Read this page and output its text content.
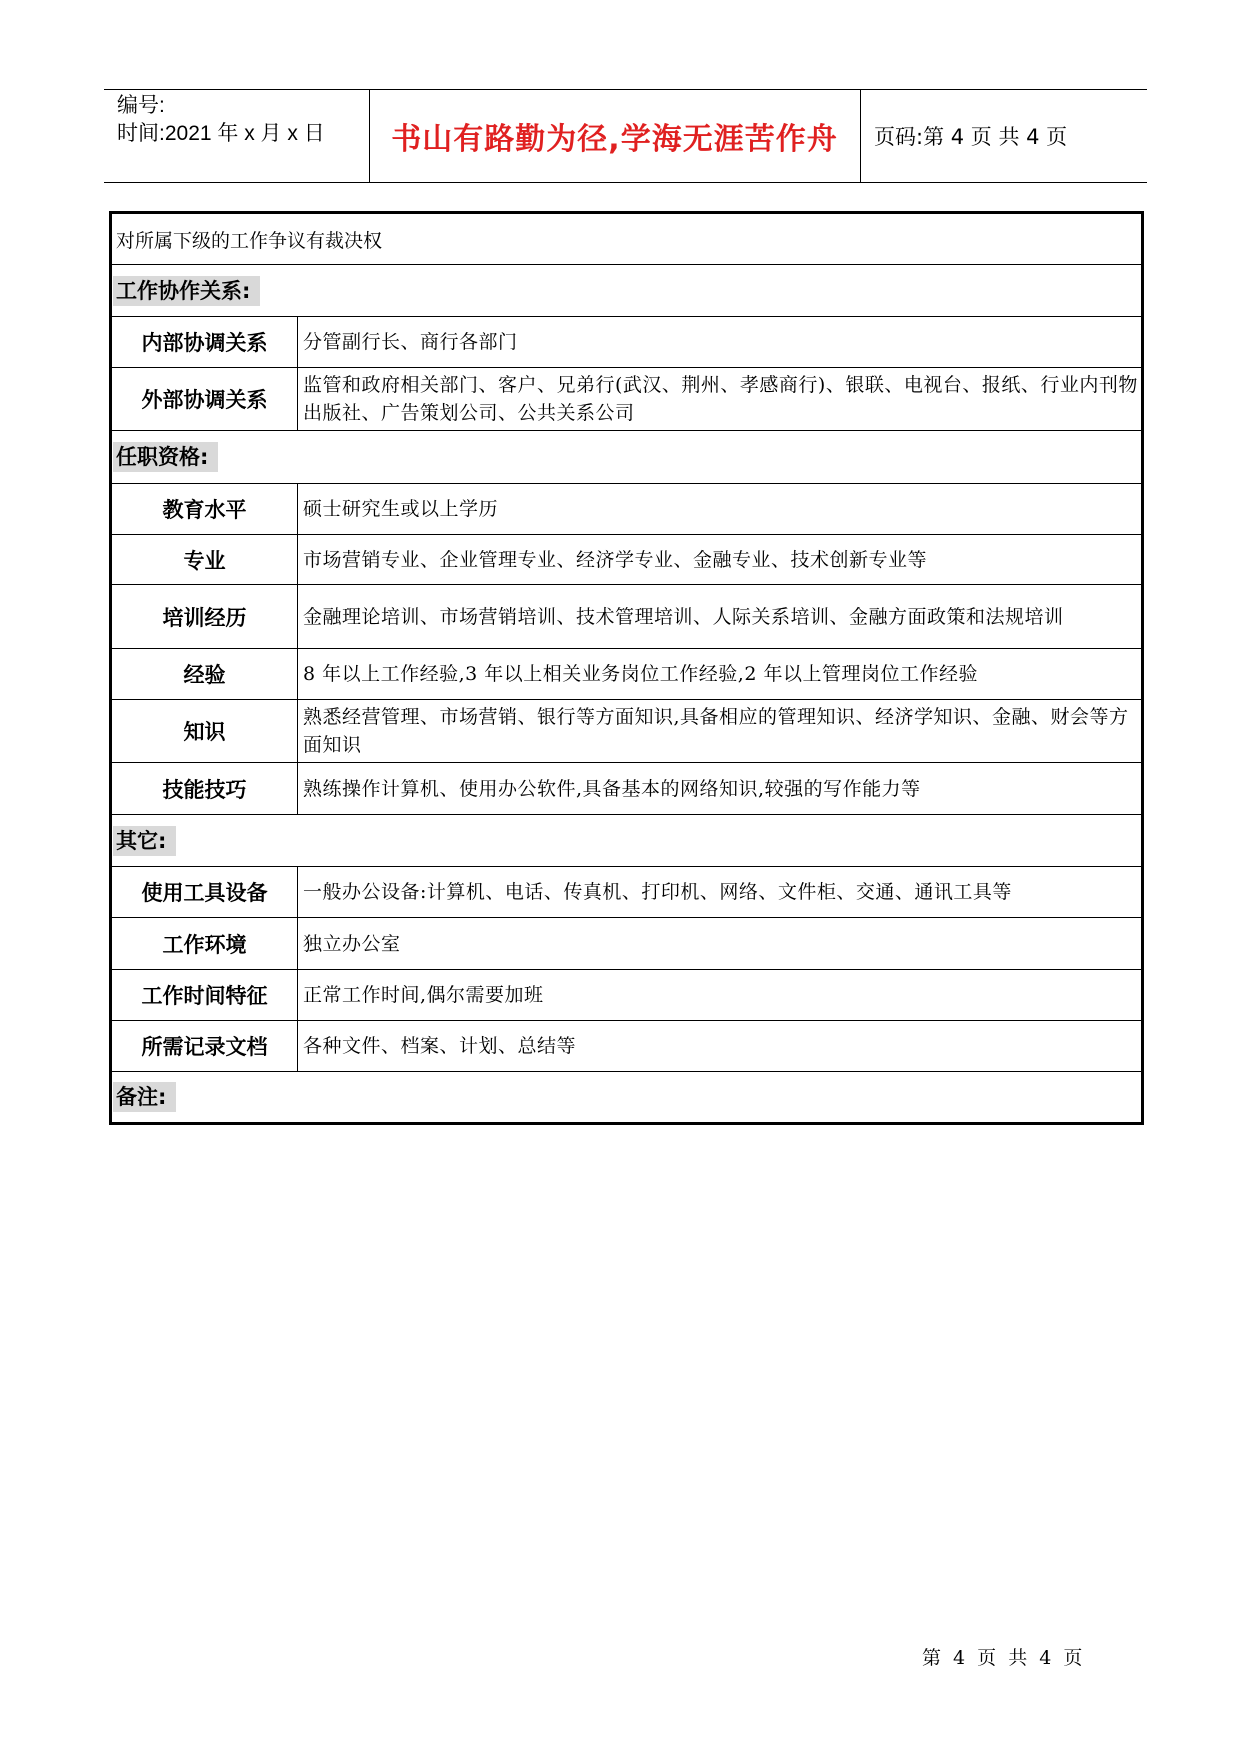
编号:
时间:2021 年 x 月 x 日	书山有路勤为径,学海无涯苦作舟	页码:第 4 页 共 4 页
对所属下级的工作争议有裁决权	
工作协作关系:	
内部协调关系	分管副行长、商行各部门
外部协调关系	监管和政府相关部门、客户、兄弟行(武汉、荆州、孝感商行)、银联、电视台、报纸、行业内刊物出版社、广告策划公司、公共关系公司
任职资格:	
教育水平	硕士研究生或以上学历
专业	市场营销专业、企业管理专业、经济学专业、金融专业、技术创新专业等
培训经历	金融理论培训、市场营销培训、技术管理培训、人际关系培训、金融方面政策和法规培训
经验	8 年以上工作经验,3 年以上相关业务岗位工作经验,2 年以上管理岗位工作经验
知识	熟悉经营管理、市场营销、银行等方面知识,具备相应的管理知识、经济学知识、金融、财会等方面知识
技能技巧	熟练操作计算机、使用办公软件,具备基本的网络知识,较强的写作能力等
其它:	
使用工具设备	一般办公设备:计算机、电话、传真机、打印机、网络、文件柜、交通、通讯工具等
工作环境	独立办公室
工作时间特征	正常工作时间,偶尔需要加班
所需记录文档	各种文件、档案、计划、总结等
备注:	
第 4 页 共 4 页
